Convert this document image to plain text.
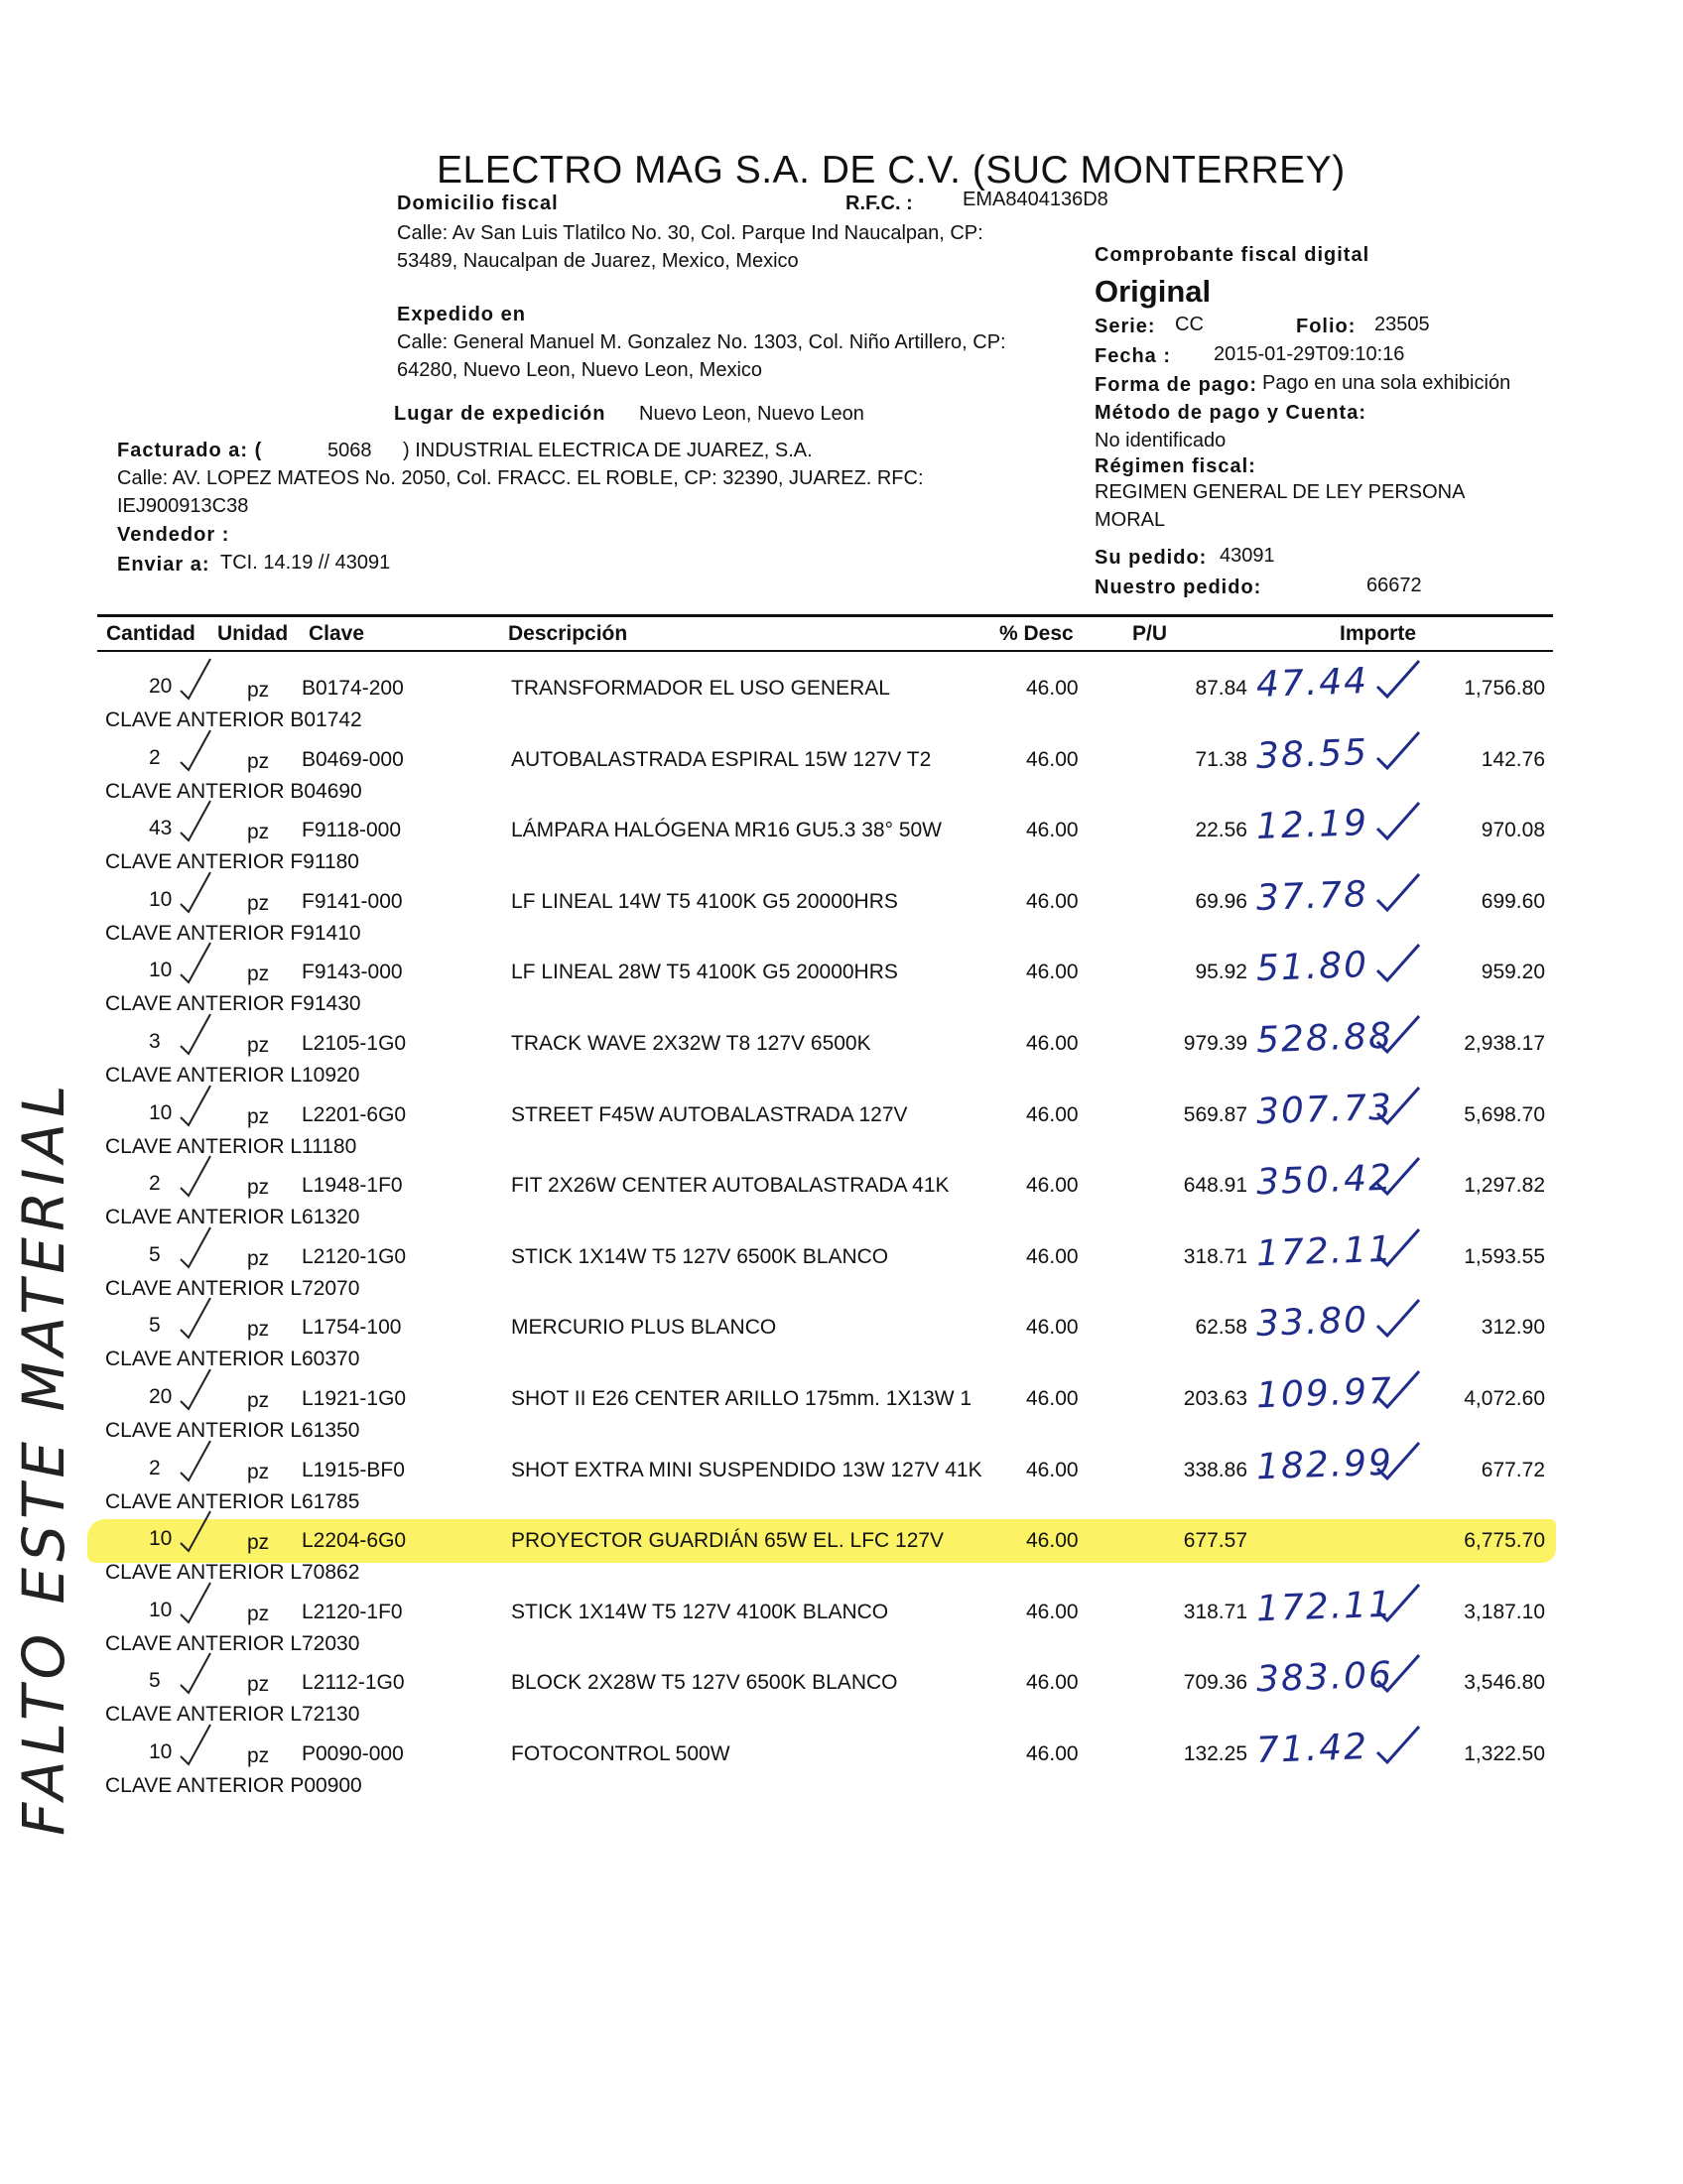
ELECTRO MAG S.A. DE C.V. (SUC MONTERREY)
Domicilio fiscal	R.F.C. :	EMA8404136D8
Calle: Av San Luis Tlatilco No. 30, Col. Parque Ind Naucalpan, CP:
53489, Naucalpan de Juarez, Mexico, Mexico
Expedido en
Calle: General Manuel M. Gonzalez No. 1303, Col. Niño Artillero, CP:
64280, Nuevo Leon, Nuevo Leon, Mexico
Lugar de expedición Nuevo Leon, Nuevo Leon
Facturado a: (	5068 ) INDUSTRIAL ELECTRICA DE JUAREZ, S.A.
Calle: AV. LOPEZ MATEOS No. 2050, Col. FRACC. EL ROBLE, CP: 32390, JUAREZ. RFC:
IEJ900913C38
Vendedor :
Enviar a: TCI. 14.19 // 43091
Comprobante fiscal digital
Original
Serie: CC	Folio: 23505
Fecha : 2015-01-29T09:10:16
Forma de pago: Pago en una sola exhibición
Método de pago y Cuenta:
No identificado
Régimen fiscal:
REGIMEN GENERAL DE LEY PERSONA
MORAL
Su pedido: 43091
Nuestro pedido:	66672
Cantidad Unidad Clave	Descripción	% Desc	P/U	Importe
20	pz B0174-200	TRANSFORMADOR EL USO GENERAL	46.00	87.84 47.44	1,756.80
CLAVE ANTERIOR B01742
2	pz B0469-000	AUTOBALASTRADA ESPIRAL 15W 127V T2	46.00	71.38 38.55	142.76
CLAVE ANTERIOR B04690
43	pz F9118-000	LÁMPARA HALÓGENA MR16 GU5.3 38° 50W	46.00	22.56 12.19	970.08
CLAVE ANTERIOR F91180
10	pz F9141-000	LF LINEAL 14W T5 4100K G5 20000HRS	46.00	69.96 37.78	699.60
CLAVE ANTERIOR F91410
10	pz F9143-000	LF LINEAL 28W T5 4100K G5 20000HRS	46.00	95.92 51.80	959.20
CLAVE ANTERIOR F91430
3	pz L2105-1G0	TRACK WAVE 2X32W T8 127V 6500K	46.00	979.39 528.88	2,938.17
CLAVE ANTERIOR L10920
10	pz L2201-6G0	STREET F45W AUTOBALASTRADA 127V	46.00	569.87 307.73	5,698.70
CLAVE ANTERIOR L11180
2	pz L1948-1F0	FIT 2X26W CENTER AUTOBALASTRADA 41K	46.00	648.91 350.42	1,297.82
CLAVE ANTERIOR L61320
5	pz L2120-1G0	STICK 1X14W T5 127V 6500K BLANCO	46.00	318.71 172.11	1,593.55
CLAVE ANTERIOR L72070
5	pz L1754-100	MERCURIO PLUS BLANCO	46.00	62.58 33.80	312.90
CLAVE ANTERIOR L60370
20	pz L1921-1G0	SHOT II E26 CENTER ARILLO 175mm. 1X13W 1	46.00	203.63 109.97	4,072.60
CLAVE ANTERIOR L61350
2	pz L1915-BF0	SHOT EXTRA MINI SUSPENDIDO 13W 127V 41K 46.00	338.86 182.99	677.72
CLAVE ANTERIOR L61785
10	pz L2204-6G0	PROYECTOR GUARDIÁN 65W EL. LFC 127V	46.00	677.57	6,775.70
CLAVE ANTERIOR L70862
10	pz L2120-1F0	STICK 1X14W T5 127V 4100K BLANCO	46.00	318.71 172.11	3,187.10
CLAVE ANTERIOR L72030
5	pz L2112-1G0	BLOCK 2X28W T5 127V 6500K BLANCO	46.00	709.36 383.06	3,546.80
CLAVE ANTERIOR L72130
10	pz P0090-000	FOTOCONTROL 500W	46.00	132.25 71.42	1,322.50
CLAVE ANTERIOR P00900
FALTO ESTE MATERIAL
